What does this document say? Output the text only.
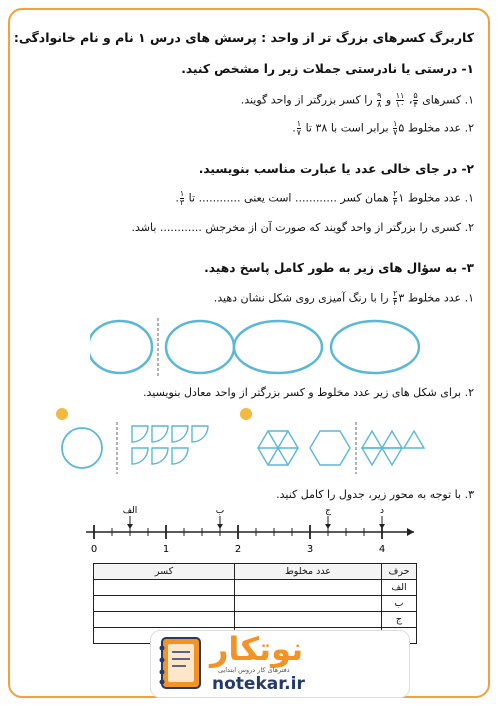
کاربرگ کسرهای بزرگ تر از واحد : پرسش های درس ۱ نام و نام خانوادگی:
۱- درستی یا نادرستی جملات زیر را مشخص کنید.
۱. کسرهای
$\frac{۵}{۴}$
،
$\frac{۱۱}{۱۰}$
و
$\frac{۹}{۸}$
را کسر بزرگتر از واحد گویند.
۲. عدد مخلوط ۵
$\frac{۱}{۷}$
برابر است با ۳۸ تا
$\frac{۱}{۷}$
.
۲- در جای خالی عدد یا عبارت مناسب بنویسید.
۱. عدد مخلوط ۱
$\frac{۲}{۳}$
همان کسر ............ است یعنی ............ تا
$\frac{۱}{۳}$
.
۲. کسری را بزرگتر از واحد گویند که صورت آن از مخرجش ............ باشد.
۳- به سؤال های زیر به طور کامل پاسخ دهید.
۱. عدد مخلوط ۳
$\frac{۲}{۴}$
را با رنگ آمیزی روی شکل نشان دهید.
۲. برای شکل های زیر عدد مخلوط و کسر بزرگتر از واحد معادل بنویسید.
۳. با توجه به محور زیر، جدول را کامل کنید.
0	1	2	3	4
الف	ب	ج	د
حرف	عدد مخلوط	کسر
الف		
ب		
ج		

نوتکار
دفترهای کار دروس ابتدایی
notekar.ir
